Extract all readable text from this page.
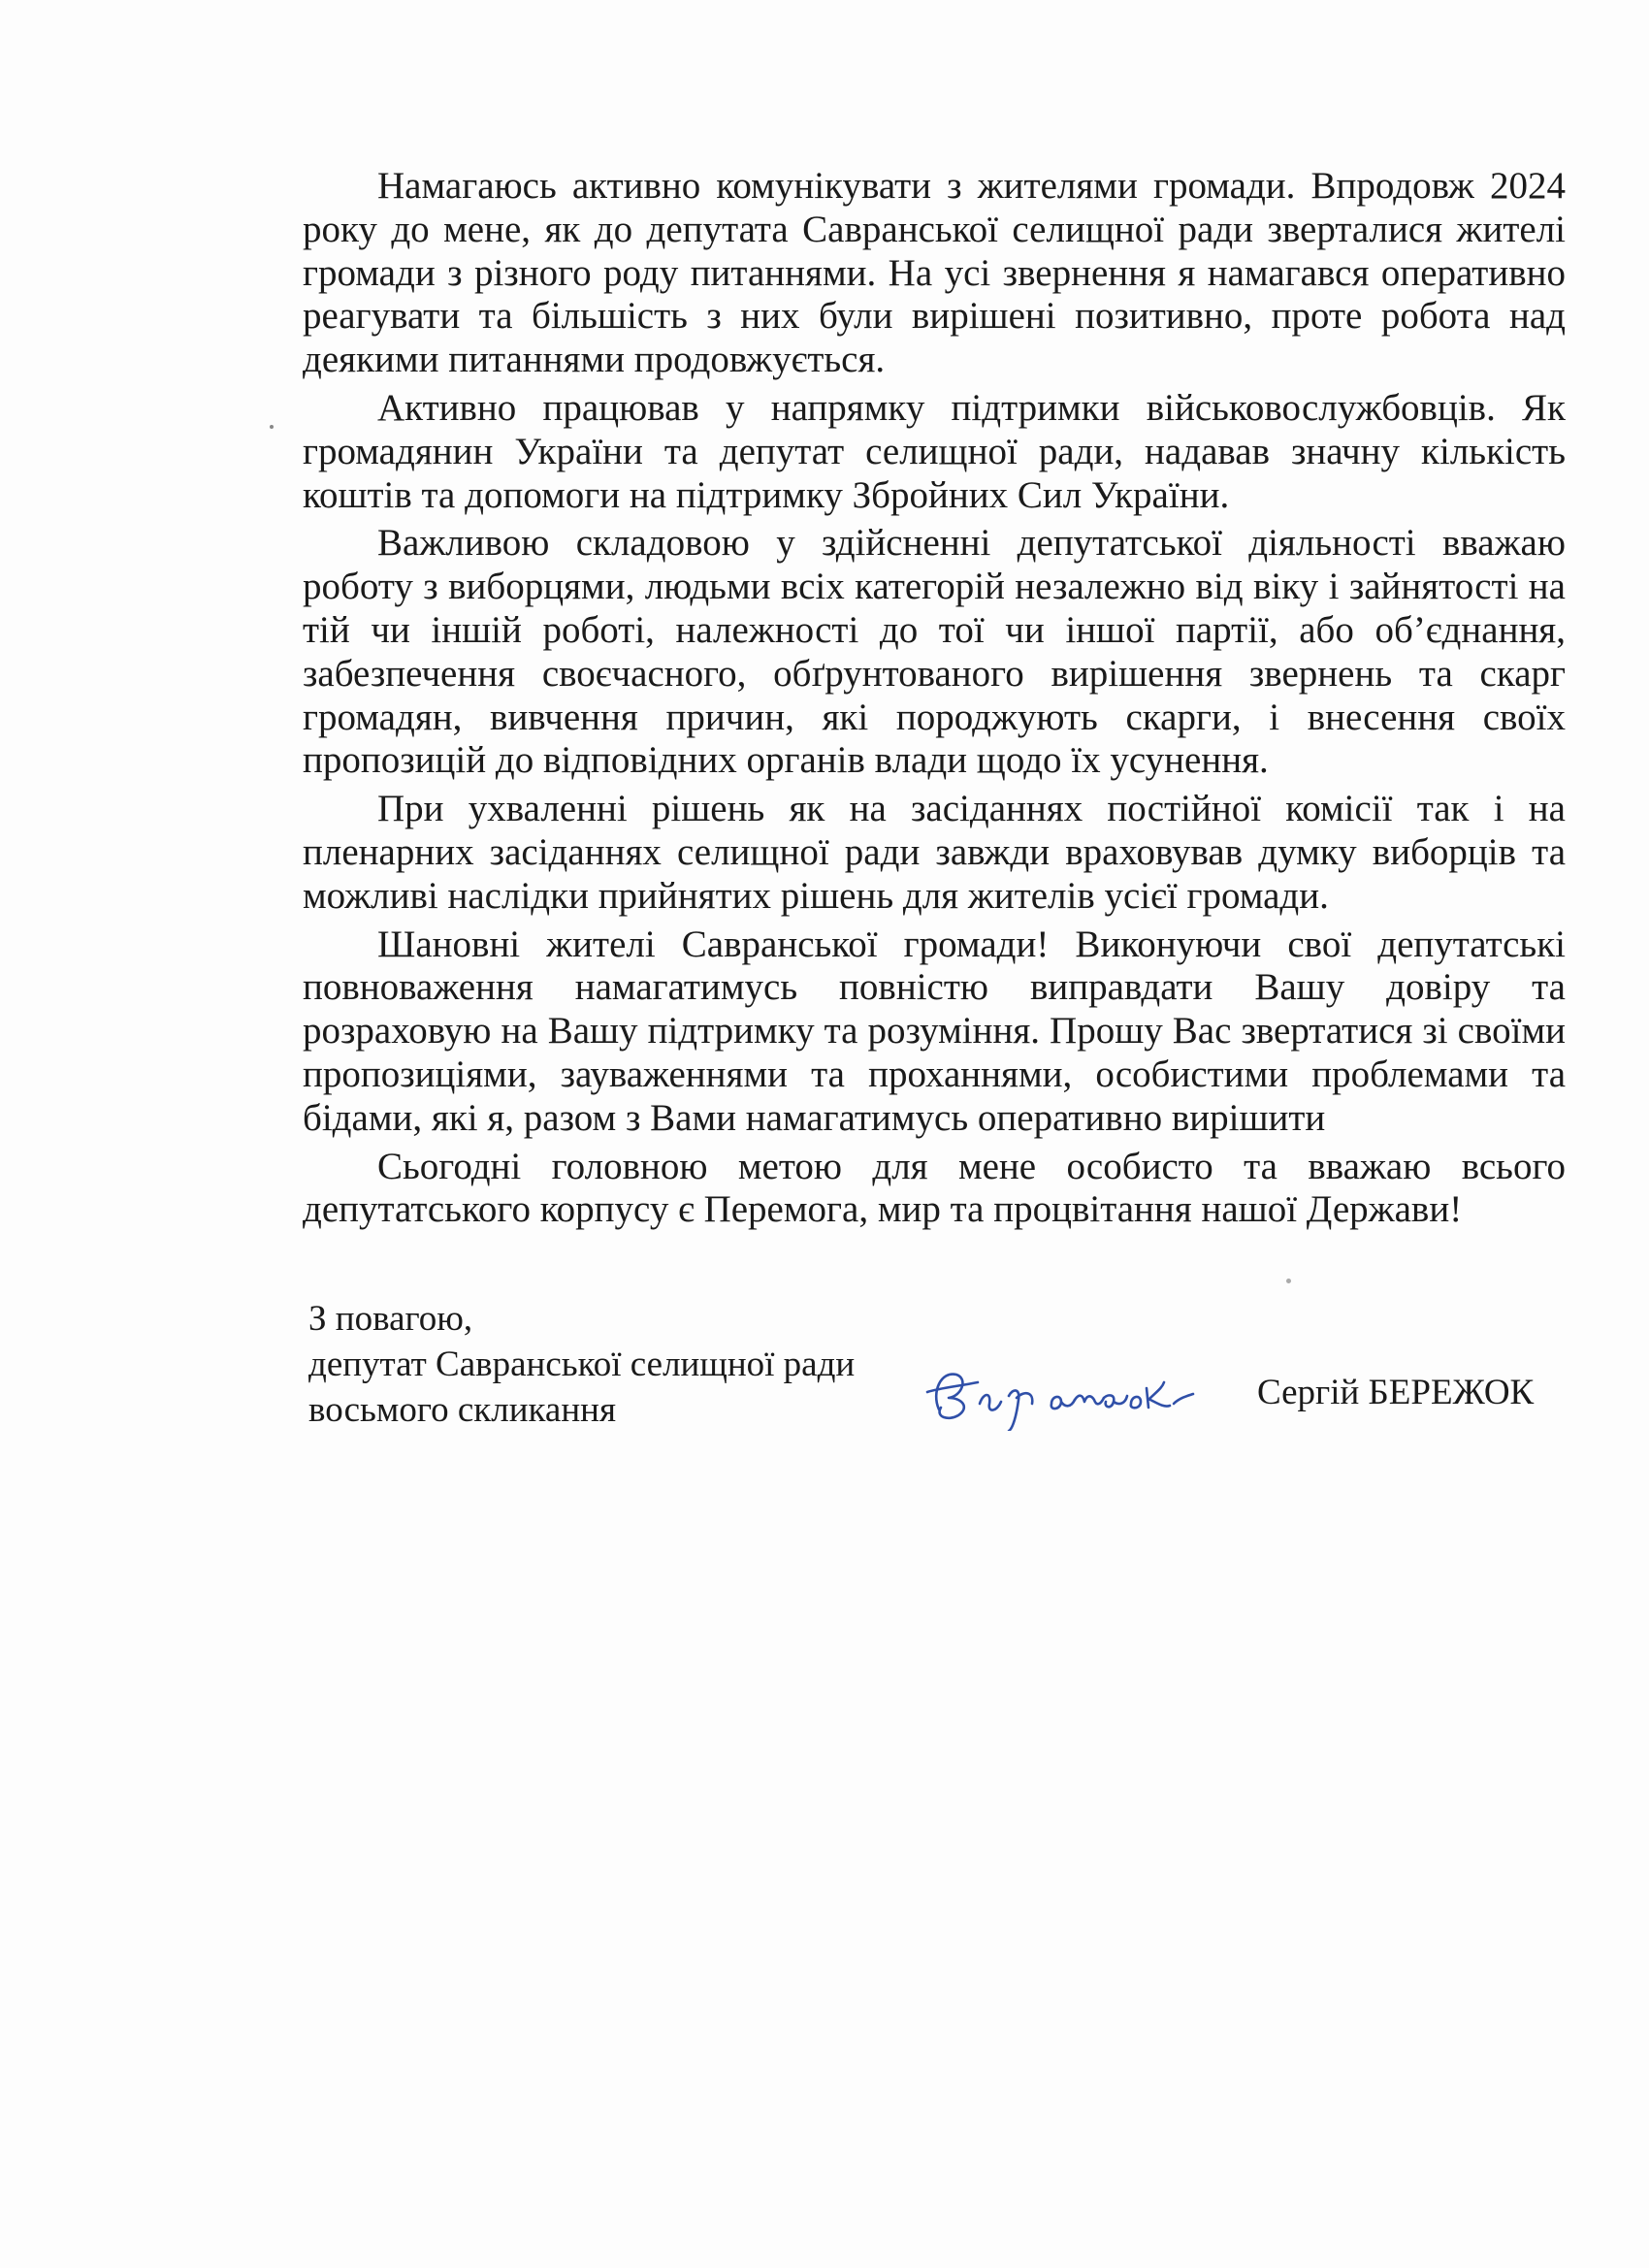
Намагаюсь активно комунікувати з жителями громади. Впродовж 2024 року до мене, як до депутата Савранської селищної ради зверталися жителі громади з різного роду питаннями. На усі звернення я намагався оперативно реагувати та більшість з них були вирішені позитивно, проте робота над деякими питаннями продовжується.

Активно працював у напрямку підтримки військовослужбовців. Як громадянин України та депутат селищної ради, надавав значну кількість коштів та допомоги на підтримку Збройних Сил України.

Важливою складовою у здійсненні депутатської діяльності вважаю роботу з виборцями, людьми всіх категорій незалежно від віку і зайнятості на тій чи іншій роботі, належності до тої чи іншої партії, або об’єднання, забезпечення своєчасного, обґрунтованого вирішення звернень та скарг громадян, вивчення причин, які породжують скарги, і внесення своїх пропозицій до відповідних органів влади щодо їх усунення.

При ухваленні рішень як на засіданнях постійної комісії так і на пленарних засіданнях селищної ради завжди враховував думку виборців та можливі наслідки прийнятих рішень для жителів усієї громади.

Шановні жителі Савранської громади! Виконуючи свої депутатські повноваження намагатимусь повністю виправдати Вашу довіру та розраховую на Вашу підтримку та розуміння. Прошу Вас звертатися зі своїми пропозиціями, зауваженнями та проханнями, особистими проблемами та бідами, які я, разом з Вами намагатимусь оперативно вирішити

Сьогодні головною метою для мене особисто та вважаю всього депутатського корпусу є Перемога, мир та процвітання нашої Держави!

З повагою,
депутат Савранської селищної ради
восьмого скликання
Бережок
Сергій БЕРЕЖОК
